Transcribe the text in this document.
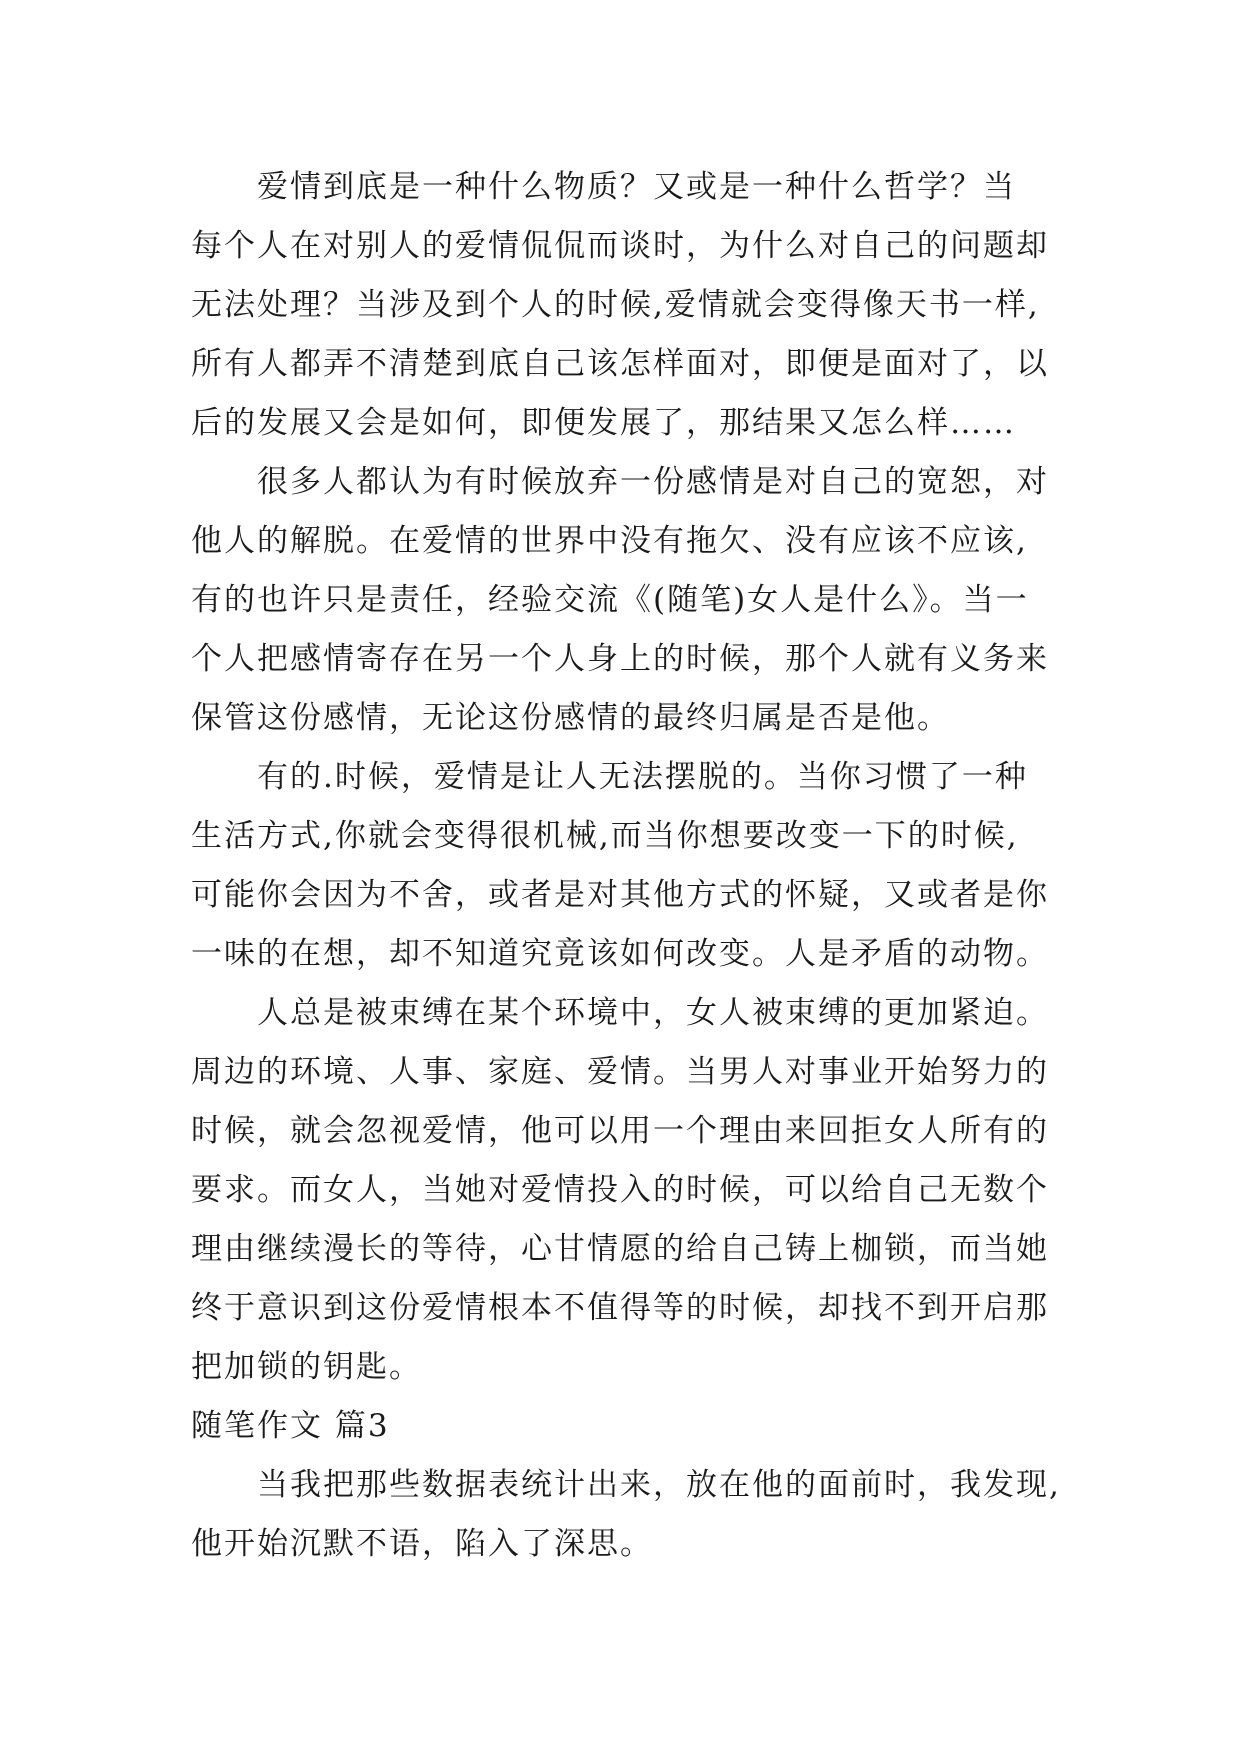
爱情到底是一种什么物质？又或是一种什么哲学？当
每个人在对别人的爱情侃侃而谈时，为什么对自己的问题却
无法处理？当涉及到个人的时候,爱情就会变得像天书一样,
所有人都弄不清楚到底自己该怎样面对，即便是面对了，以
后的发展又会是如何，即便发展了，那结果又怎么样……
很多人都认为有时候放弃一份感情是对自己的宽恕，对
他人的解脱。在爱情的世界中没有拖欠、没有应该不应该,
有的也许只是责任，经验交流《(随笔)女人是什么》。当一
个人把感情寄存在另一个人身上的时候，那个人就有义务来
保管这份感情，无论这份感情的最终归属是否是他。
有的.时候，爱情是让人无法摆脱的。当你习惯了一种
生活方式,你就会变得很机械,而当你想要改变一下的时候,
可能你会因为不舍，或者是对其他方式的怀疑，又或者是你
一味的在想，却不知道究竟该如何改变。人是矛盾的动物。
人总是被束缚在某个环境中，女人被束缚的更加紧迫。
周边的环境、人事、家庭、爱情。当男人对事业开始努力的
时候，就会忽视爱情，他可以用一个理由来回拒女人所有的
要求。而女人，当她对爱情投入的时候，可以给自己无数个
理由继续漫长的等待，心甘情愿的给自己铸上枷锁，而当她
终于意识到这份爱情根本不值得等的时候，却找不到开启那
把加锁的钥匙。
随笔作文 篇3
当我把那些数据表统计出来，放在他的面前时，我发现,
他开始沉默不语，陷入了深思。
